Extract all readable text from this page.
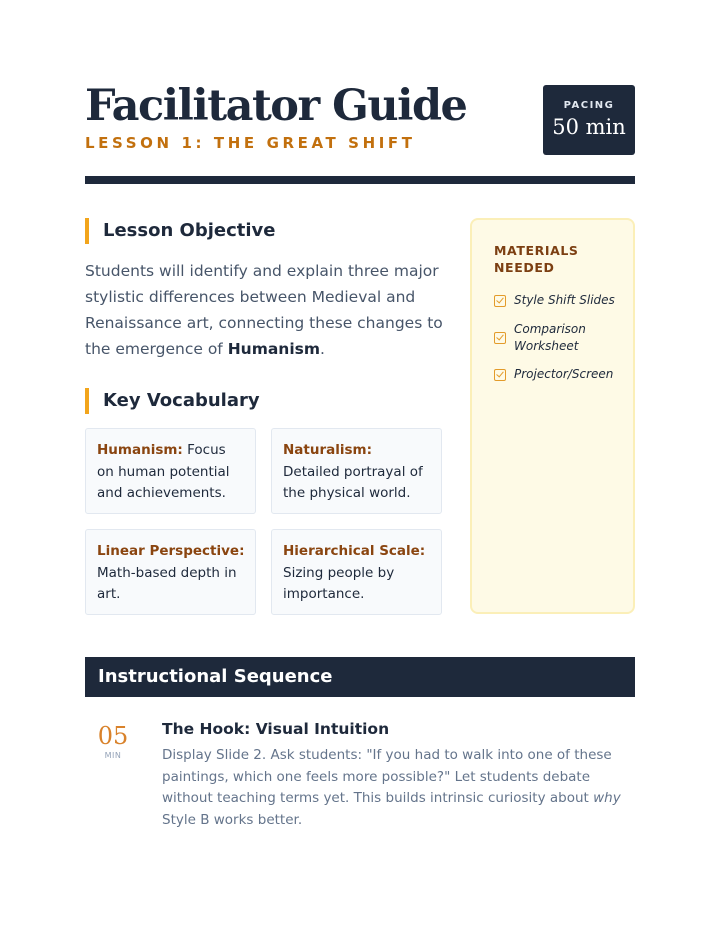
Facilitator Guide
LESSON 1: THE GREAT SHIFT
PACING
50 min
Lesson Objective

Students will identify and explain three major stylistic differences between Medieval and Renaissance art, connecting these changes to the emergence of Humanism.

Key Vocabulary
Humanism: Focus on human potential and achievements.
Naturalism: Detailed portrayal of the physical world.
Linear Perspective: Math-based depth in art.
Hierarchical Scale: Sizing people by importance.
MATERIALS NEEDED
Style Shift Slides
Comparison Worksheet
Projector/Screen
Instructional Sequence
05
MIN
The Hook: Visual Intuition

Display Slide 2. Ask students: "If you had to walk into one of these paintings, which one feels more possible?" Let students debate without teaching terms yet. This builds intrinsic curiosity about why Style B works better.
